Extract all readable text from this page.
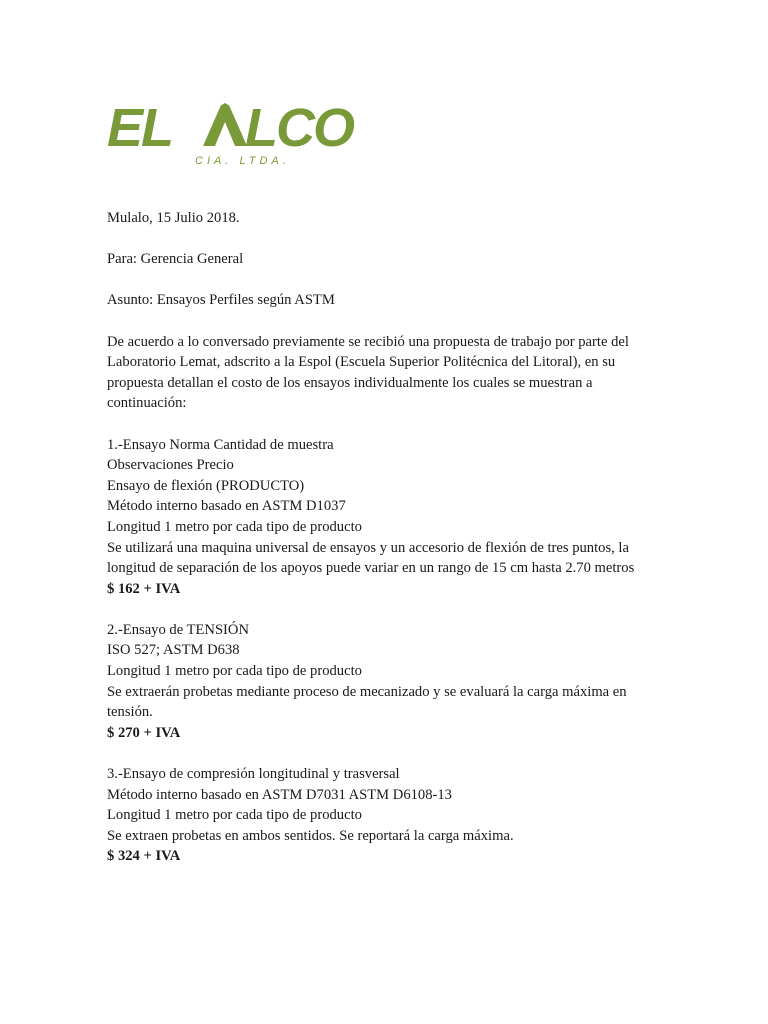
EL LCO
CIA. LTDA.

Mulalo, 15 Julio 2018.

Para: Gerencia General

Asunto: Ensayos Perfiles según ASTM

De acuerdo a lo conversado previamente se recibió una propuesta de trabajo por parte del Laboratorio Lemat, adscrito a la Espol (Escuela Superior Politécnica del Litoral), en su propuesta detallan el costo de los ensayos individualmente los cuales se muestran a continuación:

1.-Ensayo Norma Cantidad de muestra
Observaciones Precio
Ensayo de flexión (PRODUCTO)
Método interno basado en ASTM D1037
Longitud 1 metro por cada tipo de producto
Se utilizará una maquina universal de ensayos y un accesorio de flexión de tres puntos, la longitud de separación de los apoyos puede variar en un rango de 15 cm hasta 2.70 metros
$ 162 + IVA
2.-Ensayo de TENSIÓN
ISO 527; ASTM D638
Longitud 1 metro por cada tipo de producto
Se extraerán probetas mediante proceso de mecanizado y se evaluará la carga máxima en tensión.
$ 270 + IVA
3.-Ensayo de compresión longitudinal y trasversal
Método interno basado en ASTM D7031 ASTM D6108-13
Longitud 1 metro por cada tipo de producto
Se extraen probetas en ambos sentidos. Se reportará la carga máxima.
$ 324 + IVA
